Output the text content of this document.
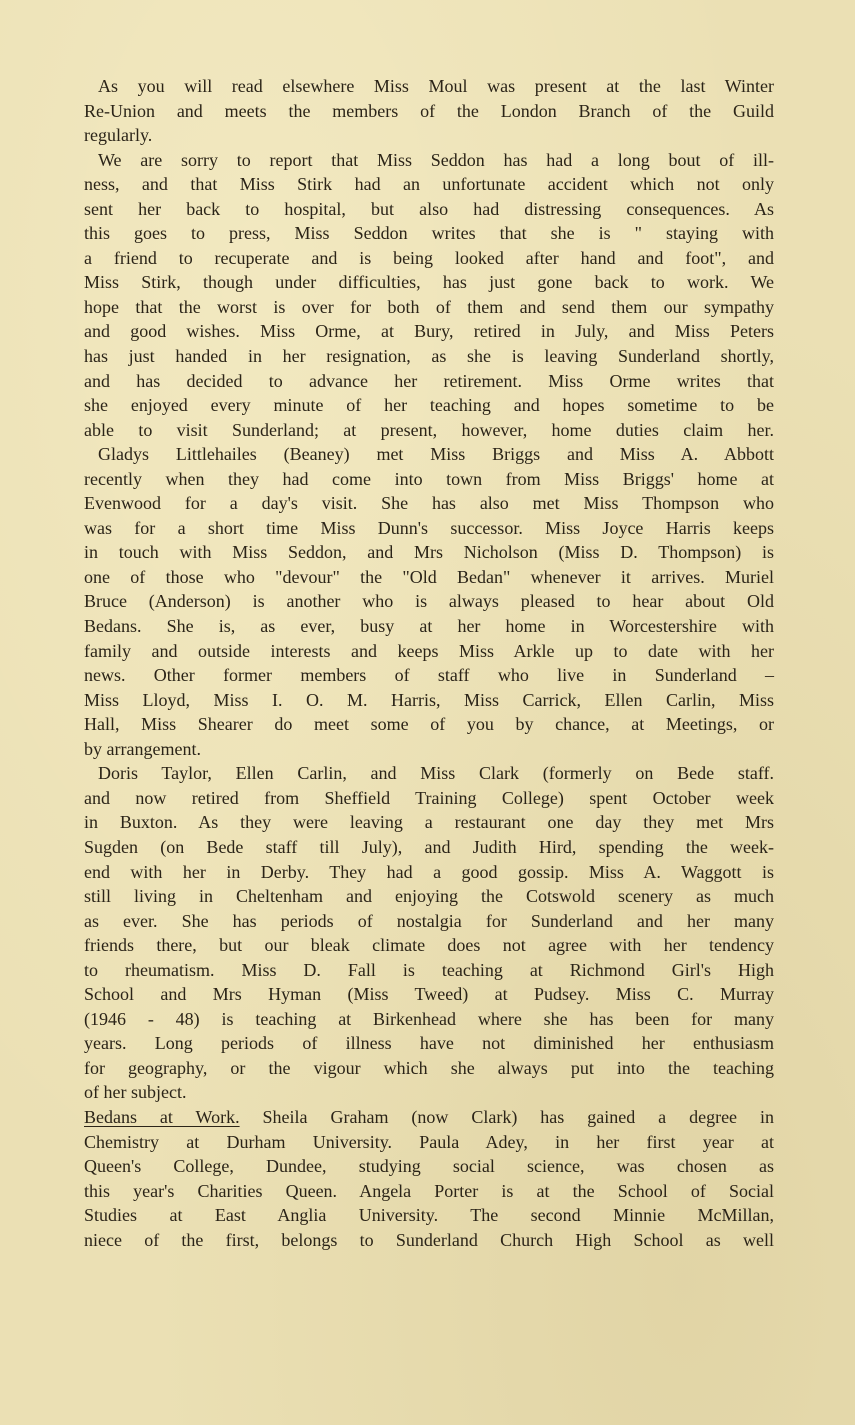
As you will read elsewhere Miss Moul was present at the last Winter
Re-Union and meets the members of the London Branch of the Guild
regularly.
We are sorry to report that Miss Seddon has had a long bout of ill-
ness, and that Miss Stirk had an unfortunate accident which not only
sent her back to hospital, but also had distressing consequences. As
this goes to press, Miss Seddon writes that she is " staying with
a friend to recuperate and is being looked after hand and foot", and
Miss Stirk, though under difficulties, has just gone back to work. We
hope that the worst is over for both of them and send them our sympathy
and good wishes. Miss Orme, at Bury, retired in July, and Miss Peters
has just handed in her resignation, as she is leaving Sunderland shortly,
and has decided to advance her retirement. Miss Orme writes that
she enjoyed every minute of her teaching and hopes sometime to be
able to visit Sunderland; at present, however, home duties claim her.
Gladys Littlehailes (Beaney) met Miss Briggs and Miss A. Abbott
recently when they had come into town from Miss Briggs' home at
Evenwood for a day's visit. She has also met Miss Thompson who
was for a short time Miss Dunn's successor. Miss Joyce Harris keeps
in touch with Miss Seddon, and Mrs Nicholson (Miss D. Thompson) is
one of those who "devour" the "Old Bedan" whenever it arrives. Muriel
Bruce (Anderson) is another who is always pleased to hear about Old
Bedans. She is, as ever, busy at her home in Worcestershire with
family and outside interests and keeps Miss Arkle up to date with her
news. Other former members of staff who live in Sunderland –
Miss Lloyd, Miss I. O. M. Harris, Miss Carrick, Ellen Carlin, Miss
Hall, Miss Shearer do meet some of you by chance, at Meetings, or
by arrangement.
Doris Taylor, Ellen Carlin, and Miss Clark (formerly on Bede staff.
and now retired from Sheffield Training College) spent October week
in Buxton. As they were leaving a restaurant one day they met Mrs
Sugden (on Bede staff till July), and Judith Hird, spending the week-
end with her in Derby. They had a good gossip. Miss A. Waggott is
still living in Cheltenham and enjoying the Cotswold scenery as much
as ever. She has periods of nostalgia for Sunderland and her many
friends there, but our bleak climate does not agree with her tendency
to rheumatism. Miss D. Fall is teaching at Richmond Girl's High
School and Mrs Hyman (Miss Tweed) at Pudsey. Miss C. Murray
(1946 - 48) is teaching at Birkenhead where she has been for many
years. Long periods of illness have not diminished her enthusiasm
for geography, or the vigour which she always put into the teaching
of her subject.
Bedans at Work. Sheila Graham (now Clark) has gained a degree in
Chemistry at Durham University. Paula Adey, in her first year at
Queen's College, Dundee, studying social science, was chosen as
this year's Charities Queen. Angela Porter is at the School of Social
Studies at East Anglia University. The second Minnie McMillan,
niece of the first, belongs to Sunderland Church High School as well
